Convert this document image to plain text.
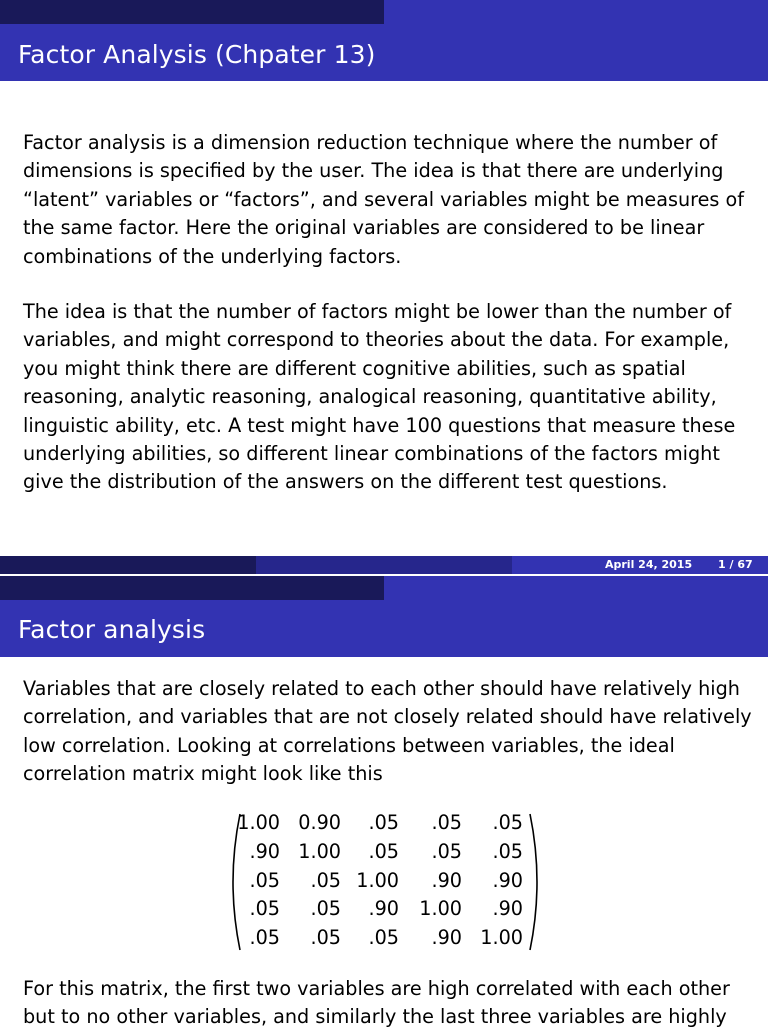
Factor Analysis (Chpater 13)

Factor analysis is a dimension reduction technique where the number of
dimensions is specified by the user. The idea is that there are underlying
“latent” variables or “factors”, and several variables might be measures of
the same factor. Here the original variables are considered to be linear
combinations of the underlying factors.

The idea is that the number of factors might be lower than the number of
variables, and might correspond to theories about the data. For example,
you might think there are different cognitive abilities, such as spatial
reasoning, analytic reasoning, analogical reasoning, quantitative ability,
linguistic ability, etc. A test might have 100 questions that measure these
underlying abilities, so different linear combinations of the factors might
give the distribution of the answers on the different test questions.

April 24, 2015 1 / 67
Factor analysis

Variables that are closely related to each other should have relatively high
correlation, and variables that are not closely related should have relatively
low correlation. Looking at correlations between variables, the ideal
correlation matrix might look like this

1.00 0.90	.05	.05	.05
.90 1.00	.05	.05	.05
.05	.05 1.00	.90	.90
.05	.05	.90	1.00	.90
.05	.05	.05	.90 1.00

For this matrix, the first two variables are high correlated with each other
but to no other variables, and similarly the last three variables are highly
